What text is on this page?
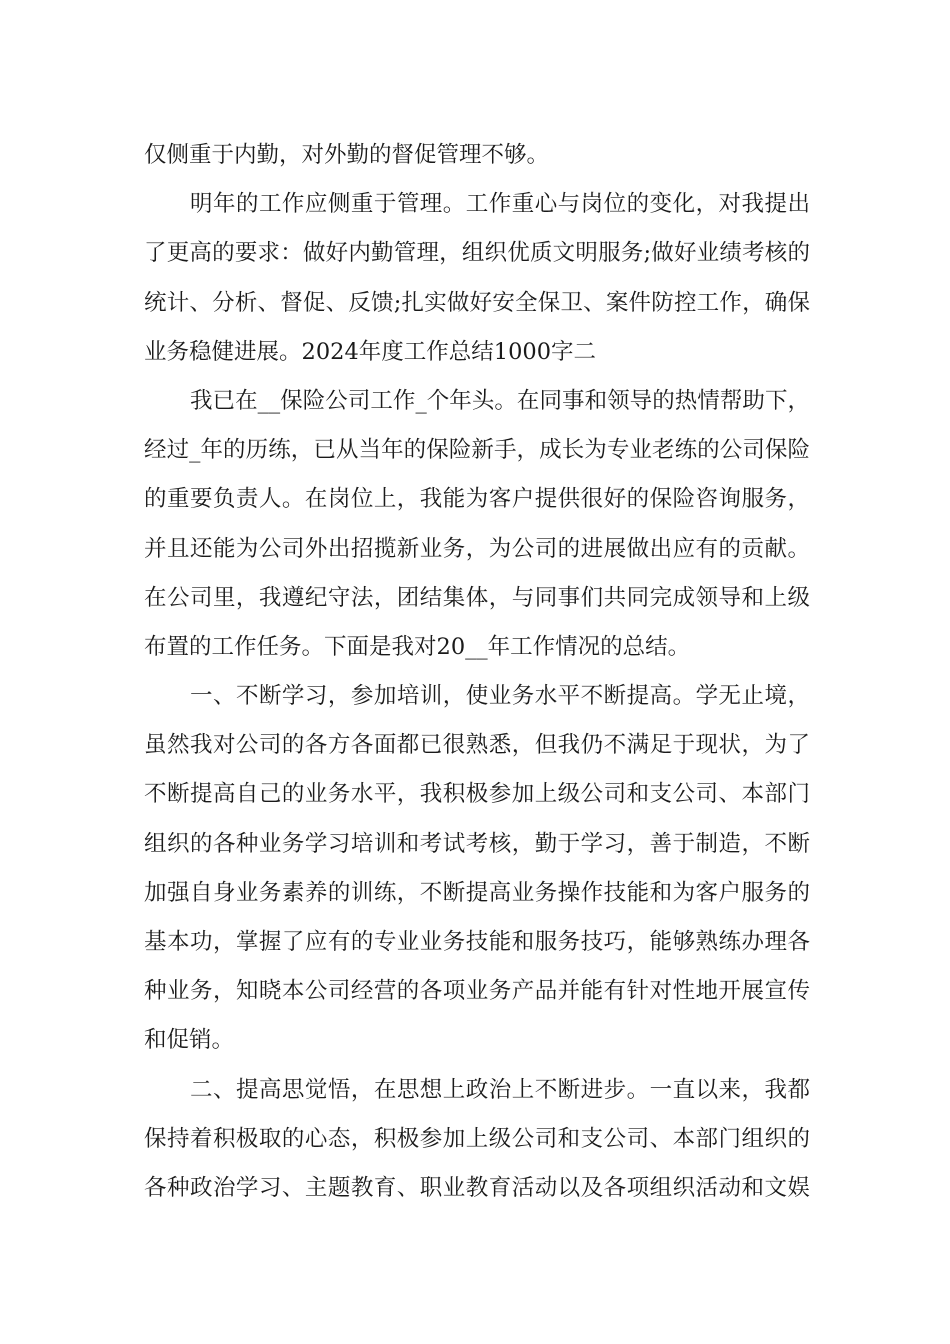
仅侧重于内勤，对外勤的督促管理不够。
明年的工作应侧重于管理。工作重心与岗位的变化，对我提出
了更高的要求：做好内勤管理，组织优质文明服务;做好业绩考核的
统计、分析、督促、反馈;扎实做好安全保卫、案件防控工作，确保
业务稳健进展。2024年度工作总结1000字二
我已在__保险公司工作_个年头。在同事和领导的热情帮助下，
经过_年的历练，已从当年的保险新手，成长为专业老练的公司保险
的重要负责人。在岗位上，我能为客户提供很好的保险咨询服务，
并且还能为公司外出招揽新业务，为公司的进展做出应有的贡献。
在公司里，我遵纪守法，团结集体，与同事们共同完成领导和上级
布置的工作任务。下面是我对20__年工作情况的总结。
一、不断学习，参加培训，使业务水平不断提高。学无止境，
虽然我对公司的各方各面都已很熟悉，但我仍不满足于现状，为了
不断提高自己的业务水平，我积极参加上级公司和支公司、本部门
组织的各种业务学习培训和考试考核，勤于学习，善于制造，不断
加强自身业务素养的训练，不断提高业务操作技能和为客户服务的
基本功，掌握了应有的专业业务技能和服务技巧，能够熟练办理各
种业务，知晓本公司经营的各项业务产品并能有针对性地开展宣传
和促销。
二、提高思觉悟，在思想上政治上不断进步。一直以来，我都
保持着积极取的心态，积极参加上级公司和支公司、本部门组织的
各种政治学习、主题教育、职业教育活动以及各项组织活动和文娱
